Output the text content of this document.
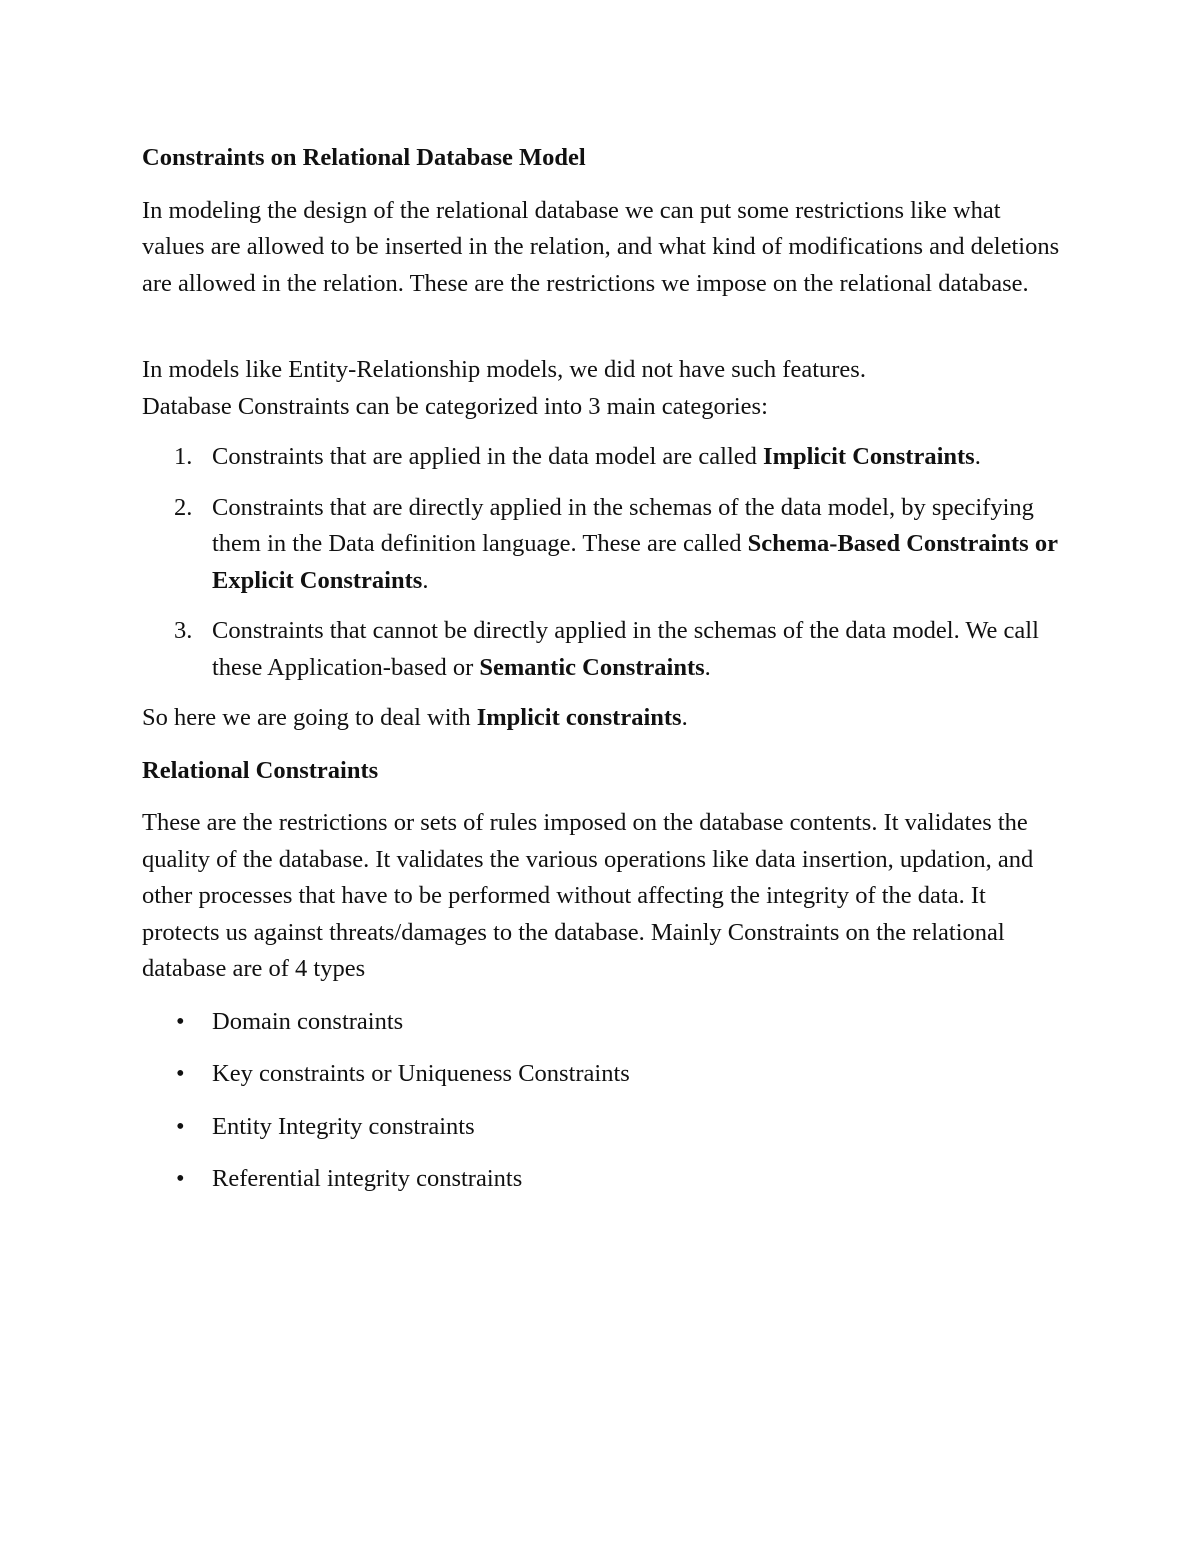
Constraints on Relational Database Model

In modeling the design of the relational database we can put some restrictions like what values are allowed to be inserted in the relation, and what kind of modifications and deletions are allowed in the relation. These are the restrictions we impose on the relational database.

In models like Entity-Relationship models, we did not have such features.
Database Constraints can be categorized into 3 main categories:

1. Constraints that are applied in the data model are called Implicit Constraints.
2. Constraints that are directly applied in the schemas of the data model, by specifying them in the Data definition language. These are called Schema-Based Constraints or Explicit Constraints.
3. Constraints that cannot be directly applied in the schemas of the data model. We call these Application-based or Semantic Constraints.

So here we are going to deal with Implicit constraints.

Relational Constraints

These are the restrictions or sets of rules imposed on the database contents. It validates the quality of the database. It validates the various operations like data insertion, updation, and other processes that have to be performed without affecting the integrity of the data. It protects us against threats/damages to the database. Mainly Constraints on the relational database are of 4 types

• Domain constraints
• Key constraints or Uniqueness Constraints
• Entity Integrity constraints
• Referential integrity constraints
